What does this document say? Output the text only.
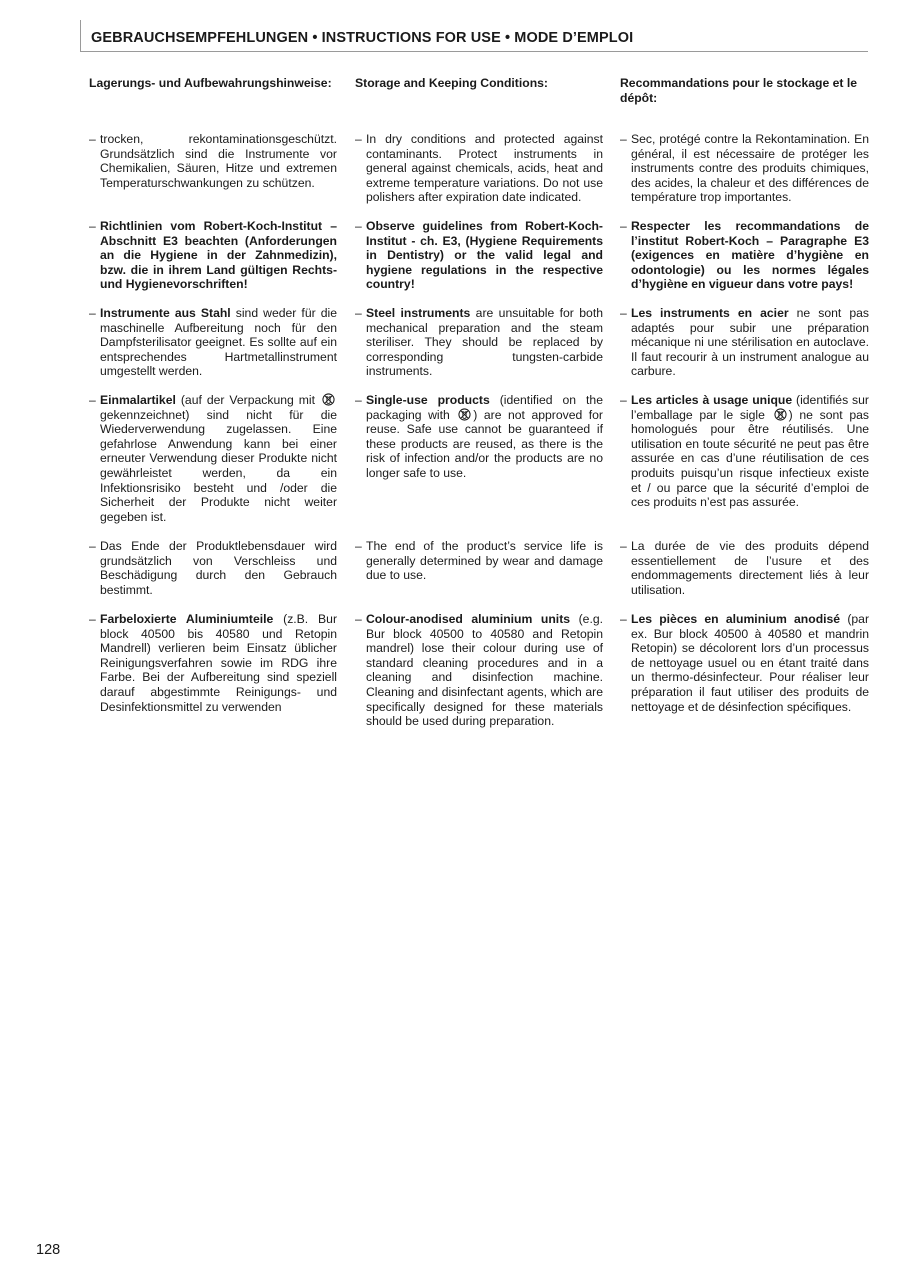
GEBRAUCHSEMPFEHLUNGEN • INSTRUCTIONS FOR USE • MODE D’EMPLOI
Lagerungs- und Aufbewahrungshinweise:
– trocken, rekontaminationsgeschützt. Grundsätzlich sind die Instrumente vor Chemikalien, Säuren, Hitze und extremen Temperaturschwankungen zu schützen.
– Richtlinien vom Robert-Koch-Institut – Abschnitt E3 beachten (Anforderungen an die Hygiene in der Zahnmedizin), bzw. die in ihrem Land gültigen Rechts- und Hygienevorschriften!
– Instrumente aus Stahl sind weder für die maschinelle Aufbereitung noch für den Dampfsterilisator geeignet. Es sollte auf ein entsprechendes Hartmetallinstrument umgestellt werden.
– Einmalartikel (auf der Verpackung mit  gekennzeichnet) sind nicht für die Wiederverwendung zugelassen. Eine gefahrlose Anwendung kann bei einer erneuter Verwendung dieser Produkte nicht gewährleistet werden, da ein Infektionsrisiko besteht und /oder die Sicherheit der Produkte nicht weiter gegeben ist.
– Das Ende der Produktlebensdauer wird grundsätzlich von Verschleiss und Beschädigung durch den Gebrauch bestimmt.
– Farbeloxierte Aluminiumteile (z.B. Bur block 40500 bis 40580 und Retopin Mandrell) verlieren beim Einsatz üblicher Reinigungsverfahren sowie im RDG ihre Farbe. Bei der Aufbereitung sind speziell darauf abgestimmte Reinigungs- und Desinfektionsmittel zu verwenden
Storage and Keeping Conditions:
– In dry conditions and protected against contaminants. Protect instruments in general against chemicals, acids, heat and extreme temperature variations. Do not use polishers after expiration date indicated.
– Observe guidelines from Robert-Koch-Institut - ch. E3, (Hygiene Requirements in Dentistry) or the valid legal and hygiene regulations in the respective country!
– Steel instruments are unsuitable for both mechanical preparation and the steam steriliser. They should be replaced by corresponding tungsten-carbide instruments.
– Single-use products (identified on the packaging with ) are not approved for reuse. Safe use cannot be guaranteed if these products are reused, as there is the risk of infection and/or the products are no longer safe to use.
– The end of the product’s service life is generally determined by wear and damage due to use.
– Colour-anodised aluminium units (e.g. Bur block 40500 to 40580 and Retopin mandrel) lose their colour during use of standard cleaning procedures and in a cleaning and disinfection machine. Cleaning and disinfectant agents, which are specifically designed for these materials should be used during preparation.
Recommandations pour le stockage et le dépôt:
– Sec, protégé contre la Rekontamination. En général, il est nécessaire de protéger les instruments contre des produits chimiques, des acides, la chaleur et des différences de température trop importantes.
– Respecter les recommandations de l’institut Robert-Koch – Paragraphe E3 (exigences en matière d’hygiène en odontologie) ou les normes légales d’hygiène en vigueur dans votre pays!
– Les instruments en acier ne sont pas adaptés pour subir une préparation mécanique ni une stérilisation en autoclave. Il faut recourir à un instrument analogue au carbure.
– Les articles à usage unique (identifiés sur l’emballage par le sigle ) ne sont pas homologués pour être réutilisés. Une utilisation en toute sécurité ne peut pas être assurée en cas d’une réutilisation de ces produits puisqu’un risque infectieux existe et / ou parce que la sécurité d’emploi de ces produits n’est pas assurée.
– La durée de vie des produits dépend essentiellement de l’usure et des endommagements directement liés à leur utilisation.
– Les pièces en aluminium anodisé (par ex. Bur block 40500 à 40580 et mandrin Retopin) se décolorent lors d’un processus de nettoyage usuel ou en étant traité dans un thermo-désinfecteur. Pour réaliser leur préparation il faut utiliser des produits de nettoyage et de désinfection spécifiques.
128
